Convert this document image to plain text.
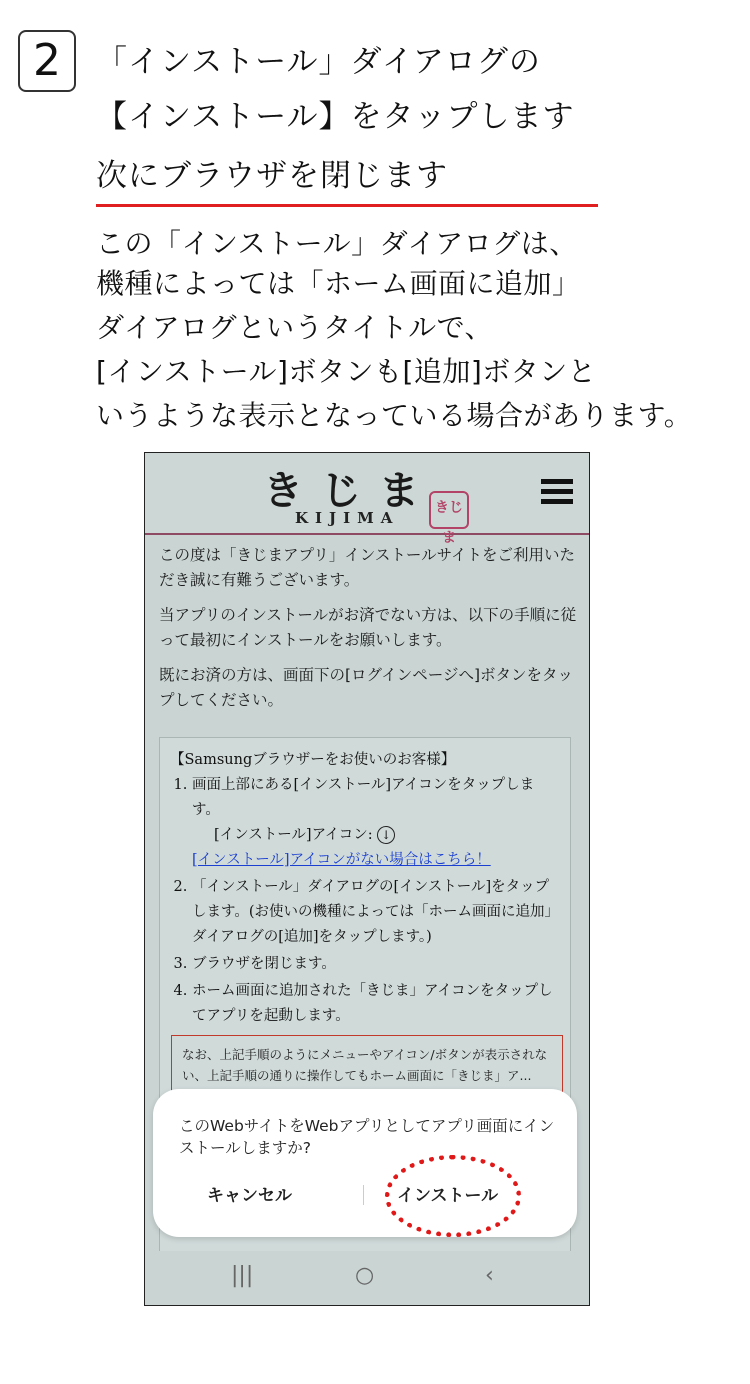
2	「インストール」ダイアログの
【インストール】をタップします
次にブラウザを閉じます
この「インストール」ダイアログは、
機種によっては「ホーム画面に追加」
ダイアログというタイトルで、
[インストール]ボタンも[追加]ボタンと
いうような表示となっている場合があります。
きじま
KIJIMA
きじま

この度は「きじまアプリ」インストールサイトをご利用いただき誠に有難うございます。

当アプリのインストールがお済でない方は、以下の手順に従って最初にインストールをお願いします。

既にお済の方は、画面下の[ログインページへ]ボタンをタップしてください。

【Samsungブラウザーをお使いのお客様】
1. 画面上部にある[インストール]アイコンをタップします。
[インストール]アイコン: ↓
[インストール]アイコンがない場合はこちら！
2. 「インストール」ダイアログの[インストール]をタップします。(お使いの機種によっては「ホーム画面に追加」ダイアログの[追加]をタップします。)
3. ブラウザを閉じます。
4. ホーム画面に追加された「きじま」アイコンをタップしてアプリを起動します。
なお、上記手順のようにメニューやアイコン/ボタンが表示されない、上記手順の通りに操作してもホーム画面に「きじま」ア...
このWebサイトをWebアプリとしてアプリ画面にインストールしますか?
キャンセル	インストール
|||	○	‹
